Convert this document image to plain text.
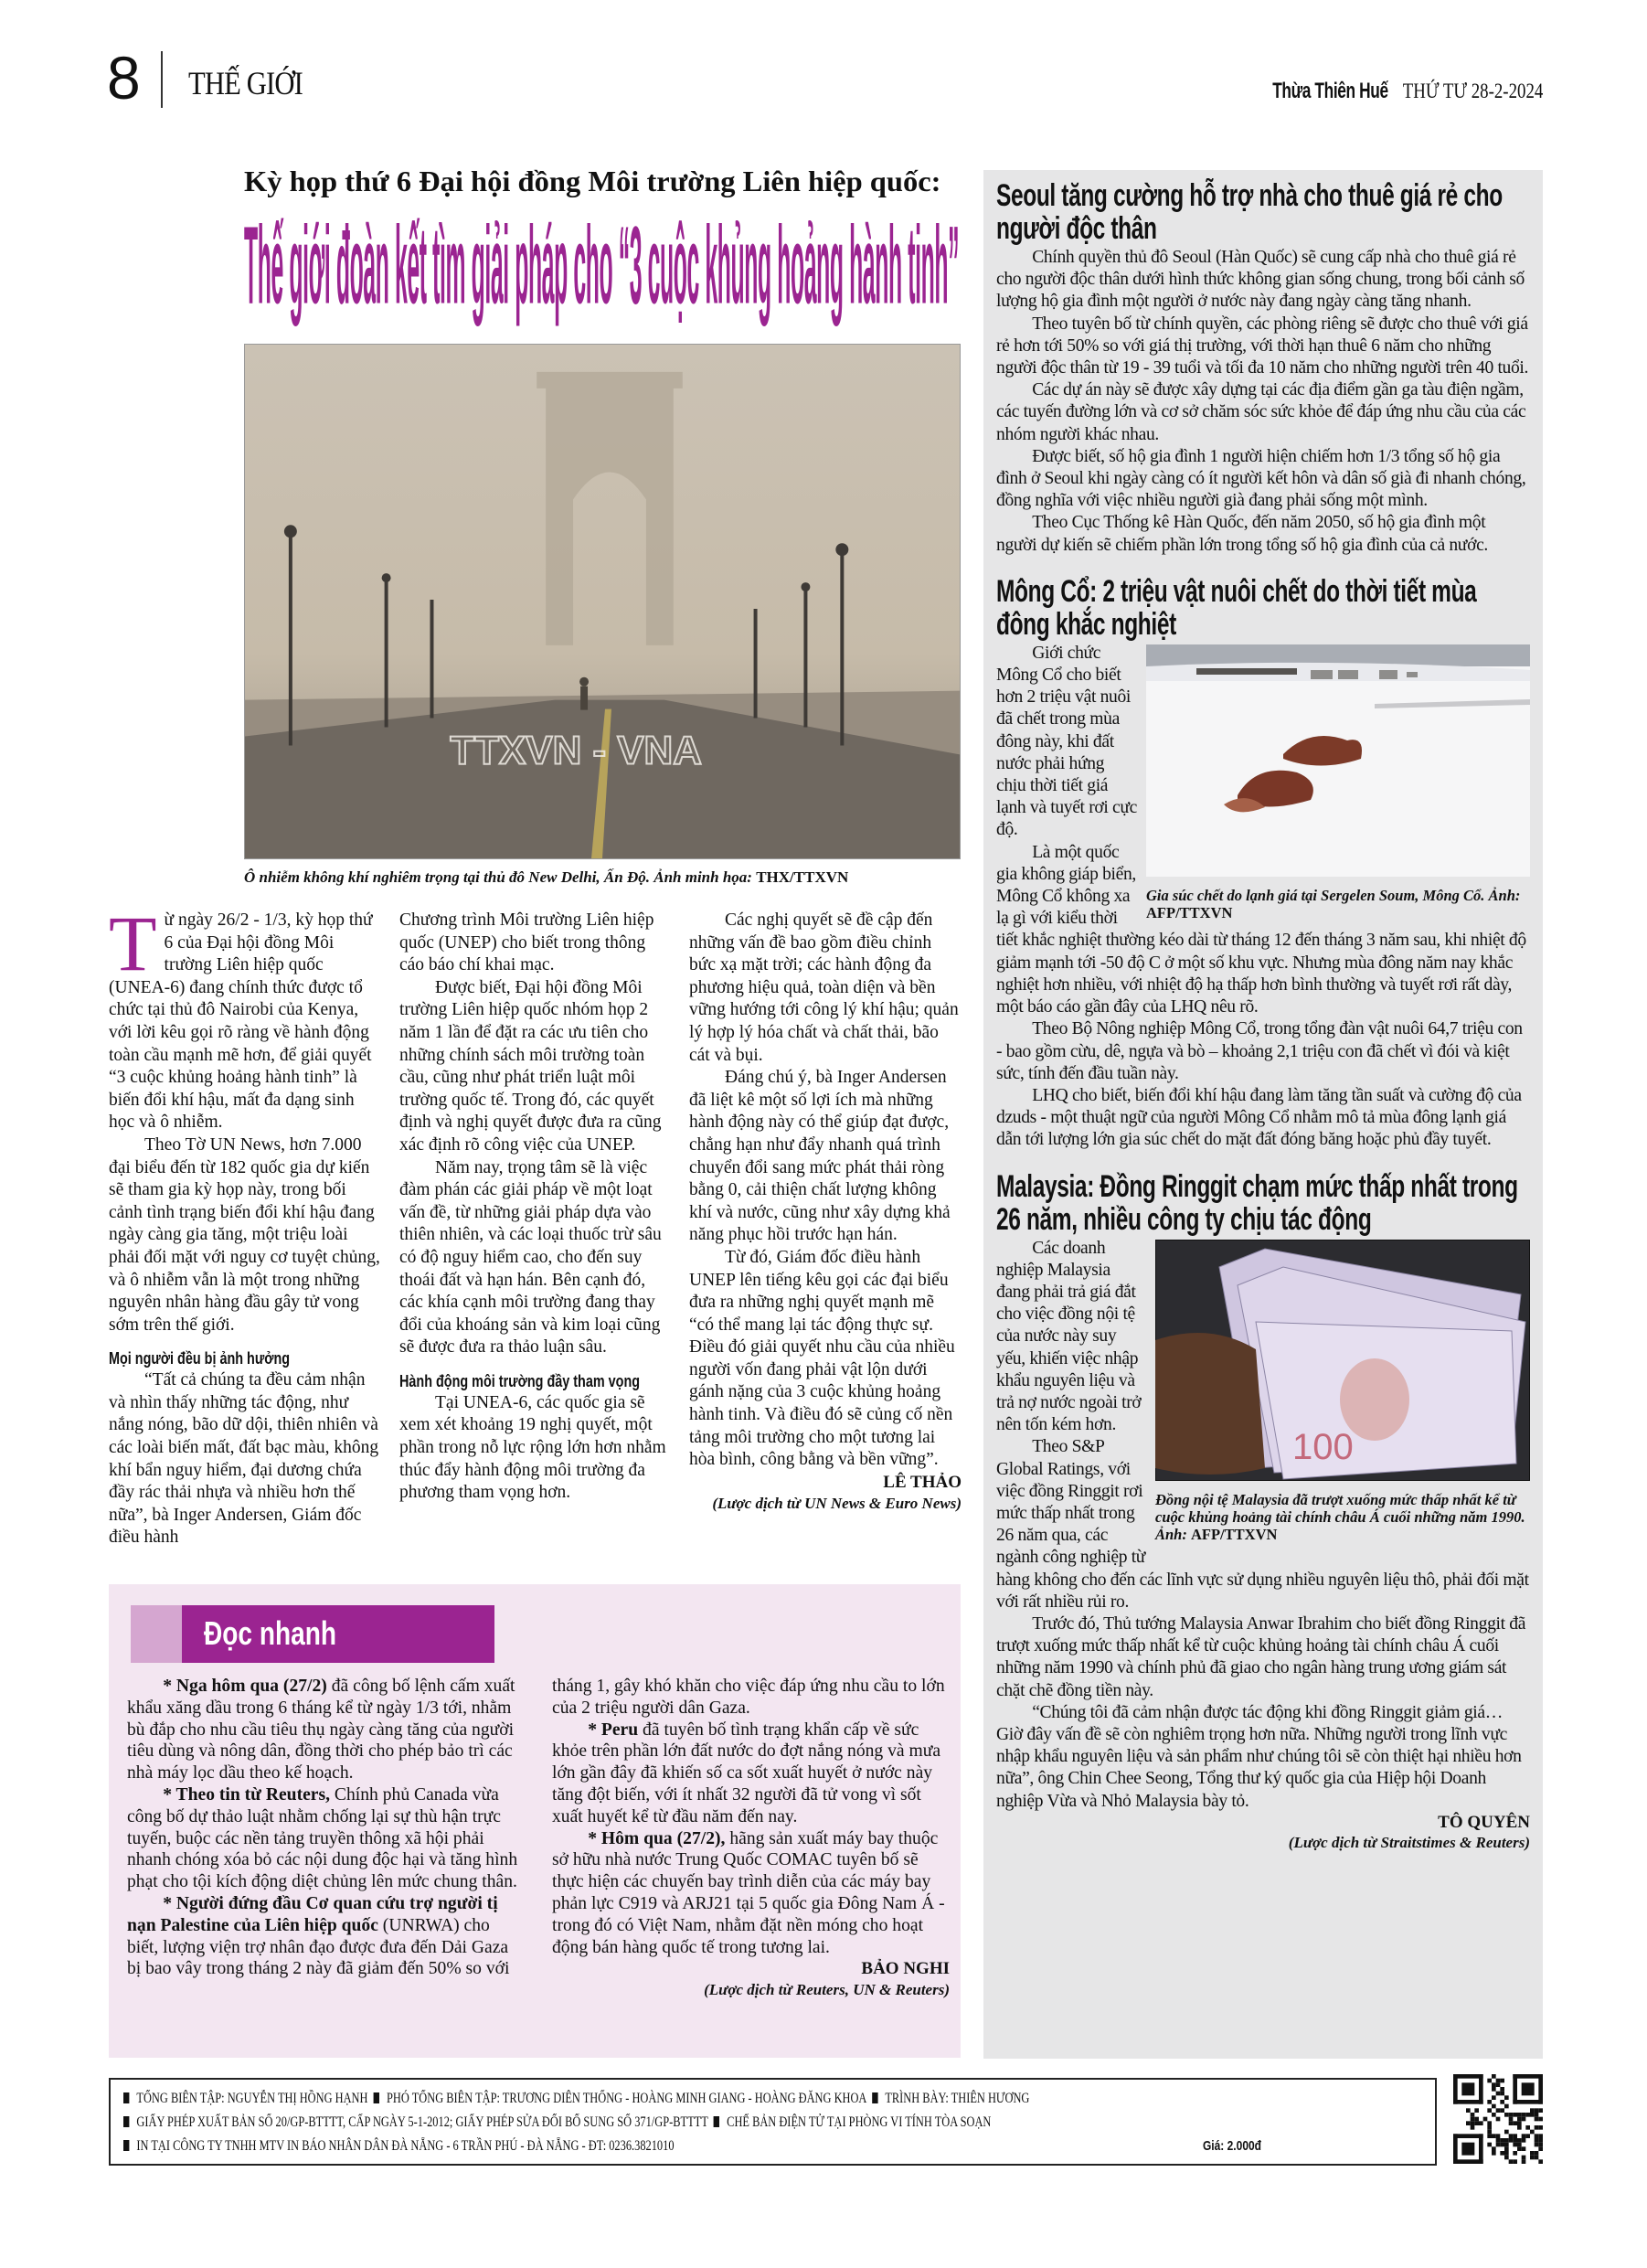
8 THẾ GIỚI	Thừa Thiên Huế THỨ TƯ 28-2-2024
Kỳ họp thứ 6 Đại hội đồng Môi trường Liên hiệp quốc:
Thế giới đoàn kết tìm giải pháp cho “3 cuộc khủng hoảng hành tinh”
TTXVN - VNA
Ô nhiễm không khí nghiêm trọng tại thủ đô New Delhi, Ấn Độ. Ảnh minh họa: THX/TTXVN

Từ ngày 26/2 - 1/3, kỳ họp thứ 6 của Đại hội đồng Môi trường Liên hiệp quốc (UNEA-6) đang chính thức được tổ chức tại thủ đô Nairobi của Kenya, với lời kêu gọi rõ ràng về hành động toàn cầu mạnh mẽ hơn, để giải quyết “3 cuộc khủng hoảng hành tinh” là biến đổi khí hậu, mất đa dạng sinh học và ô nhiễm.

Theo Tờ UN News, hơn 7.000 đại biểu đến từ 182 quốc gia dự kiến sẽ tham gia kỳ họp này, trong bối cảnh tình trạng biến đổi khí hậu đang ngày càng gia tăng, một triệu loài phải đối mặt với nguy cơ tuyệt chủng, và ô nhiễm vẫn là một trong những nguyên nhân hàng đầu gây tử vong sớm trên thế giới.

Mọi người đều bị ảnh hưởng

“Tất cả chúng ta đều cảm nhận và nhìn thấy những tác động, như nắng nóng, bão dữ dội, thiên nhiên và các loài biến mất, đất bạc màu, không khí bẩn nguy hiểm, đại dương chứa đầy rác thải nhựa và nhiều hơn thế nữa”, bà Inger Andersen, Giám đốc điều hành

Chương trình Môi trường Liên hiệp quốc (UNEP) cho biết trong thông cáo báo chí khai mạc.

Được biết, Đại hội đồng Môi trường Liên hiệp quốc nhóm họp 2 năm 1 lần để đặt ra các ưu tiên cho những chính sách môi trường toàn cầu, cũng như phát triển luật môi trường quốc tế. Trong đó, các quyết định và nghị quyết được đưa ra cũng xác định rõ công việc của UNEP.

Năm nay, trọng tâm sẽ là việc đàm phán các giải pháp về một loạt vấn đề, từ những giải pháp dựa vào thiên nhiên, và các loại thuốc trừ sâu có độ nguy hiểm cao, cho đến suy thoái đất và hạn hán. Bên cạnh đó, các khía cạnh môi trường đang thay đổi của khoáng sản và kim loại cũng sẽ được đưa ra thảo luận sâu.

Hành động môi trường đầy tham vọng

Tại UNEA-6, các quốc gia sẽ xem xét khoảng 19 nghị quyết, một phần trong nỗ lực rộng lớn hơn nhằm thúc đẩy hành động môi trường đa phương tham vọng hơn.

Các nghị quyết sẽ đề cập đến những vấn đề bao gồm điều chỉnh bức xạ mặt trời; các hành động đa phương hiệu quả, toàn diện và bền vững hướng tới công lý khí hậu; quản lý hợp lý hóa chất và chất thải, bão cát và bụi.

Đáng chú ý, bà Inger Andersen đã liệt kê một số lợi ích mà những hành động này có thể giúp đạt được, chẳng hạn như đẩy nhanh quá trình chuyển đổi sang mức phát thải ròng bằng 0, cải thiện chất lượng không khí và nước, cũng như xây dựng khả năng phục hồi trước hạn hán.

Từ đó, Giám đốc điều hành UNEP lên tiếng kêu gọi các đại biểu đưa ra những nghị quyết mạnh mẽ “có thể mang lại tác động thực sự. Điều đó giải quyết nhu cầu của nhiều người vốn đang phải vật lộn dưới gánh nặng của 3 cuộc khủng hoảng hành tinh. Và điều đó sẽ củng cố nền tảng môi trường cho một tương lai hòa bình, công bằng và bền vững”.

LÊ THẢO
(Lược dịch từ UN News & Euro News)
Seoul tăng cường hỗ trợ nhà cho thuê giá rẻ cho người độc thân

Chính quyền thủ đô Seoul (Hàn Quốc) sẽ cung cấp nhà cho thuê giá rẻ cho người độc thân dưới hình thức không gian sống chung, trong bối cảnh số lượng hộ gia đình một người ở nước này đang ngày càng tăng nhanh.

Theo tuyên bố từ chính quyền, các phòng riêng sẽ được cho thuê với giá rẻ hơn tới 50% so với giá thị trường, với thời hạn thuê 6 năm cho những người độc thân từ 19 - 39 tuổi và tối đa 10 năm cho những người trên 40 tuổi.

Các dự án này sẽ được xây dựng tại các địa điểm gần ga tàu điện ngầm, các tuyến đường lớn và cơ sở chăm sóc sức khỏe để đáp ứng nhu cầu của các nhóm người khác nhau.

Được biết, số hộ gia đình 1 người hiện chiếm hơn 1/3 tổng số hộ gia đình ở Seoul khi ngày càng có ít người kết hôn và dân số già đi nhanh chóng, đồng nghĩa với việc nhiều người già đang phải sống một mình.

Theo Cục Thống kê Hàn Quốc, đến năm 2050, số hộ gia đình một người dự kiến sẽ chiếm phần lớn trong tổng số hộ gia đình của cả nước.

Mông Cổ: 2 triệu vật nuôi chết do thời tiết mùa đông khắc nghiệt
Gia súc chết do lạnh giá tại Sergelen Soum, Mông Cổ. Ảnh: AFP/TTXVN

Giới chức Mông Cổ cho biết hơn 2 triệu vật nuôi đã chết trong mùa đông này, khi đất nước phải hứng chịu thời tiết giá lạnh và tuyết rơi cực độ.

Là một quốc gia không giáp biển, Mông Cổ không xa lạ gì với kiểu thời tiết khắc nghiệt thường kéo dài từ tháng 12 đến tháng 3 năm sau, khi nhiệt độ giảm mạnh tới -50 độ C ở một số khu vực. Nhưng mùa đông năm nay khắc nghiệt hơn nhiều, với nhiệt độ hạ thấp hơn bình thường và tuyết rơi rất dày, một báo cáo gần đây của LHQ nêu rõ.

Theo Bộ Nông nghiệp Mông Cổ, trong tổng đàn vật nuôi 64,7 triệu con - bao gồm cừu, dê, ngựa và bò – khoảng 2,1 triệu con đã chết vì đói và kiệt sức, tính đến đầu tuần này.

LHQ cho biết, biến đổi khí hậu đang làm tăng tần suất và cường độ của dzuds - một thuật ngữ của người Mông Cổ nhằm mô tả mùa đông lạnh giá dẫn tới lượng lớn gia súc chết do mặt đất đóng băng hoặc phủ đầy tuyết.

Malaysia: Đồng Ringgit chạm mức thấp nhất trong 26 năm, nhiều công ty chịu tác động
100
Đồng nội tệ Malaysia đã trượt xuống mức thấp nhất kể từ cuộc khủng hoảng tài chính châu Á cuối những năm 1990. Ảnh: AFP/TTXVN

Các doanh nghiệp Malaysia đang phải trả giá đắt cho việc đồng nội tệ của nước này suy yếu, khiến việc nhập khẩu nguyên liệu và trả nợ nước ngoài trở nên tốn kém hơn.

Theo S&P Global Ratings, với việc đồng Ringgit rơi mức thấp nhất trong 26 năm qua, các ngành công nghiệp từ hàng không cho đến các lĩnh vực sử dụng nhiều nguyên liệu thô, phải đối mặt với rất nhiều rủi ro.

Trước đó, Thủ tướng Malaysia Anwar Ibrahim cho biết đồng Ringgit đã trượt xuống mức thấp nhất kể từ cuộc khủng hoảng tài chính châu Á cuối những năm 1990 và chính phủ đã giao cho ngân hàng trung ương giám sát chặt chẽ đồng tiền này.

“Chúng tôi đã cảm nhận được tác động khi đồng Ringgit giảm giá… Giờ đây vấn đề sẽ còn nghiêm trọng hơn nữa. Những người trong lĩnh vực nhập khẩu nguyên liệu và sản phẩm như chúng tôi sẽ còn thiệt hại nhiều hơn nữa”, ông Chin Chee Seong, Tổng thư ký quốc gia của Hiệp hội Doanh nghiệp Vừa và Nhỏ Malaysia bày tỏ.

TÔ QUYÊN
(Lược dịch từ Straitstimes & Reuters)
Đọc nhanh

* Nga hôm qua (27/2) đã công bố lệnh cấm xuất khẩu xăng dầu trong 6 tháng kể từ ngày 1/3 tới, nhằm bù đắp cho nhu cầu tiêu thụ ngày càng tăng của người tiêu dùng và nông dân, đồng thời cho phép bảo trì các nhà máy lọc dầu theo kế hoạch.

* Theo tin từ Reuters, Chính phủ Canada vừa công bố dự thảo luật nhằm chống lại sự thù hận trực tuyến, buộc các nền tảng truyền thông xã hội phải nhanh chóng xóa bỏ các nội dung độc hại và tăng hình phạt cho tội kích động diệt chủng lên mức chung thân.

* Người đứng đầu Cơ quan cứu trợ người tị nạn Palestine của Liên hiệp quốc (UNRWA) cho biết, lượng viện trợ nhân đạo được đưa đến Dải Gaza bị bao vây trong tháng 2 này đã giảm đến 50% so với tháng 1, gây khó khăn cho việc đáp ứng nhu cầu to lớn của 2 triệu người dân Gaza.

* Peru đã tuyên bố tình trạng khẩn cấp về sức khỏe trên phần lớn đất nước do đợt nắng nóng và mưa lớn gần đây đã khiến số ca sốt xuất huyết ở nước này tăng đột biến, với ít nhất 32 người đã tử vong vì sốt xuất huyết kể từ đầu năm đến nay.

* Hôm qua (27/2), hãng sản xuất máy bay thuộc sở hữu nhà nước Trung Quốc COMAC tuyên bố sẽ thực hiện các chuyến bay trình diễn của các máy bay phản lực C919 và ARJ21 tại 5 quốc gia Đông Nam Á - trong đó có Việt Nam, nhằm đặt nền móng cho hoạt động bán hàng quốc tế trong tương lai.

BẢO NGHI
(Lược dịch từ Reuters, UN & Reuters)
TỔNG BIÊN TẬP: NGUYỄN THỊ HỒNG HẠNH PHÓ TỔNG BIÊN TẬP: TRƯƠNG DIÊN THỐNG - HOÀNG MINH GIANG - HOÀNG ĐĂNG KHOA TRÌNH BÀY: THIÊN HƯƠNG
GIẤY PHÉP XUẤT BẢN SỐ 20/GP-BTTTT, CẤP NGÀY 5-1-2012; GIẤY PHÉP SỬA ĐỔI BỔ SUNG SỐ 371/GP-BTTTT CHẾ BẢN ĐIỆN TỬ TẠI PHÒNG VI TÍNH TÒA SOẠN
IN TẠI CÔNG TY TNHH MTV IN BÁO NHÂN DÂN ĐÀ NẴNG - 6 TRẦN PHÚ - ĐÀ NẴNG - ĐT: 0236.3821010	Giá: 2.000đ
